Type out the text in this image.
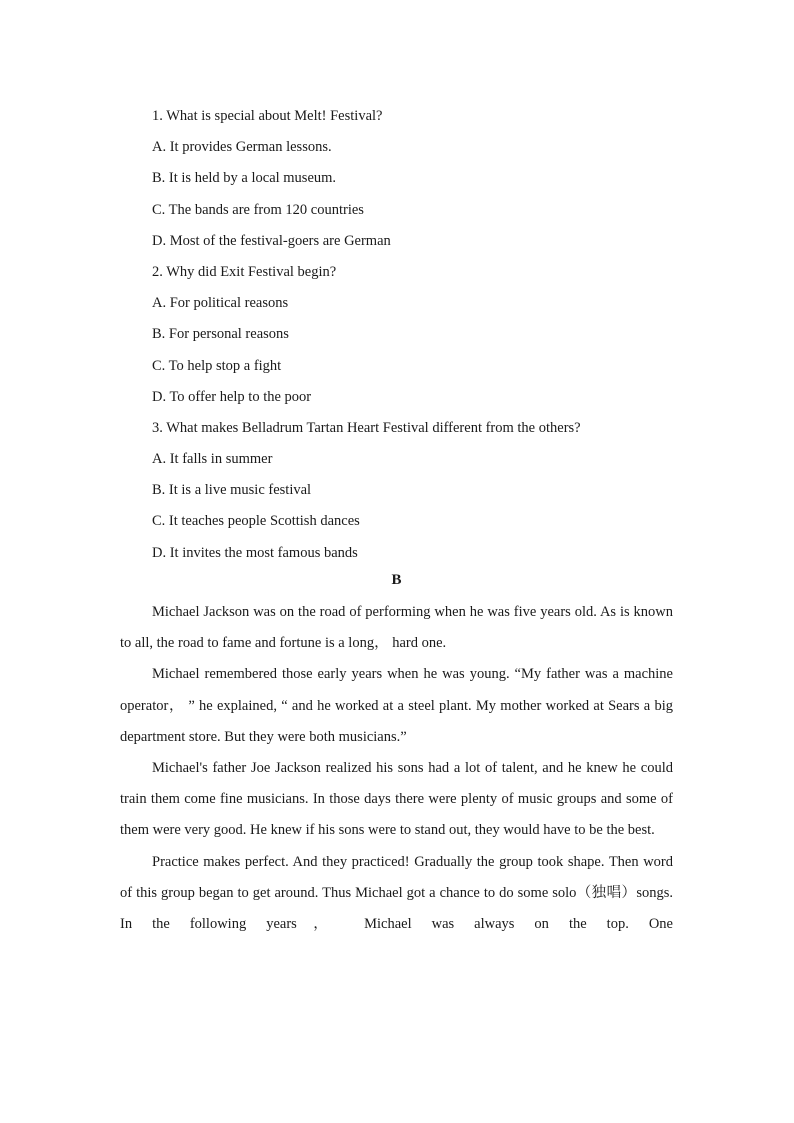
1. What is special about Melt! Festival?
A. It provides German lessons.
B. It is held by a local museum.
C. The bands are from 120 countries
D. Most of the festival-goers are German
2. Why did Exit Festival begin?
A. For political reasons
B. For personal reasons
C. To help stop a fight
D. To offer help to the poor
3. What makes Belladrum Tartan Heart Festival different from the others?
A. It falls in summer
B. It is a live music festival
C. It teaches people Scottish dances
D. It invites the most famous bands
B

Michael Jackson was on the road of performing when he was five years old. As is known to all, the road to fame and fortune is a long， hard one.

Michael remembered those early years when he was young. “My father was a machine operator， ” he explained, “ and he worked at a steel plant. My mother worked at Sears a big department store. But they were both musicians.”

Michael's father Joe Jackson realized his sons had a lot of talent, and he knew he could train them come fine musicians. In those days there were plenty of music groups and some of them were very good. He knew if his sons were to stand out, they would have to be the best.

Practice makes perfect. And they practiced! Gradually the group took shape. Then word of this group began to get around. Thus Michael got a chance to do some solo（独唱）songs. In the following years， Michael was always on the top. One
